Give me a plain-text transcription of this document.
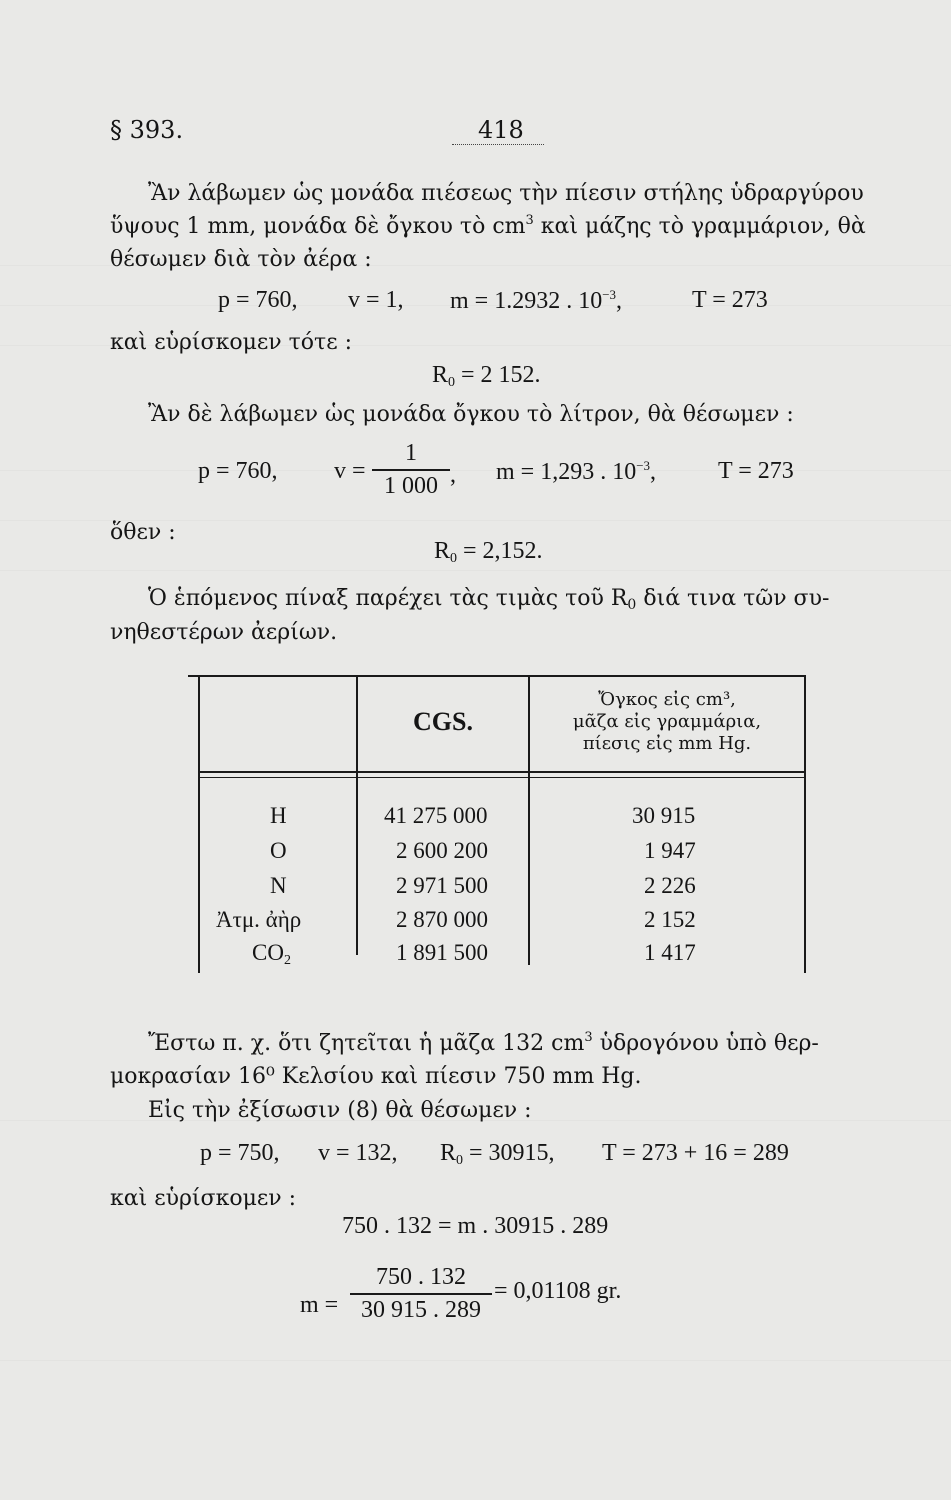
§ 393.	418
Ἂν λάβωμεν ὡς μονάδα πιέσεως τὴν πίεσιν στήλης ὑδραργύρου
ὕψους 1 mm, μονάδα δὲ ὄγκου τὸ $cm^3$ καὶ μάζης τὸ γραμμάριον, θὰ
θέσωμεν διὰ τὸν ἀέρα :
p = 760, v = 1, m = 1.2932 . $10^{-3}$,	T = 273
καὶ εὑρίσκομεν τότε :
$R_0 = 2$ 152.
Ἂν δὲ λάβωμεν ὡς μονάδα ὄγκου τὸ λίτρον, θὰ θέσωμεν :
p = 760, v =
1
1 000 , m = 1,293 . $10^{-3}$,	T = 273
ὅθεν :
$R_0 = 2,152$.
Ὁ ἑπόμενος πίναξ παρέχει τὰς τιμὰς τοῦ $R_0$ διά τινα τῶν συ-
νηθεστέρων ἀερίων.
CGS.
Ὄγκος εἰς cm³,
μᾶζα εἰς γραμμάρια,
πίεσις εἰς mm Hg.
H	41 275 000	30 915
O	2 600 200	1 947
N	2 971 500	2 226
Ἀτμ. ἀὴρ	2 870 000	2 152
$CO_2$	1 891 500	1 417
Ἔστω π. χ. ὅτι ζητεῖται ἡ μᾶζα 132 $cm^3$ ὑδρογόνου ὑπὸ θερ-
μοκρασίαν 16⁰ Κελσίου καὶ πίεσιν 750 mm Hg.
Εἰς τὴν ἐξίσωσιν (8) θὰ θέσωμεν :
p = 750, v = 132, $R_0 = 30915$, T = 273 + 16 = 289
καὶ εὑρίσκομεν :
750 . 132 = m . 30915 . 289
m =
750 . 132
30 915 . 289
= 0,01108 gr.
